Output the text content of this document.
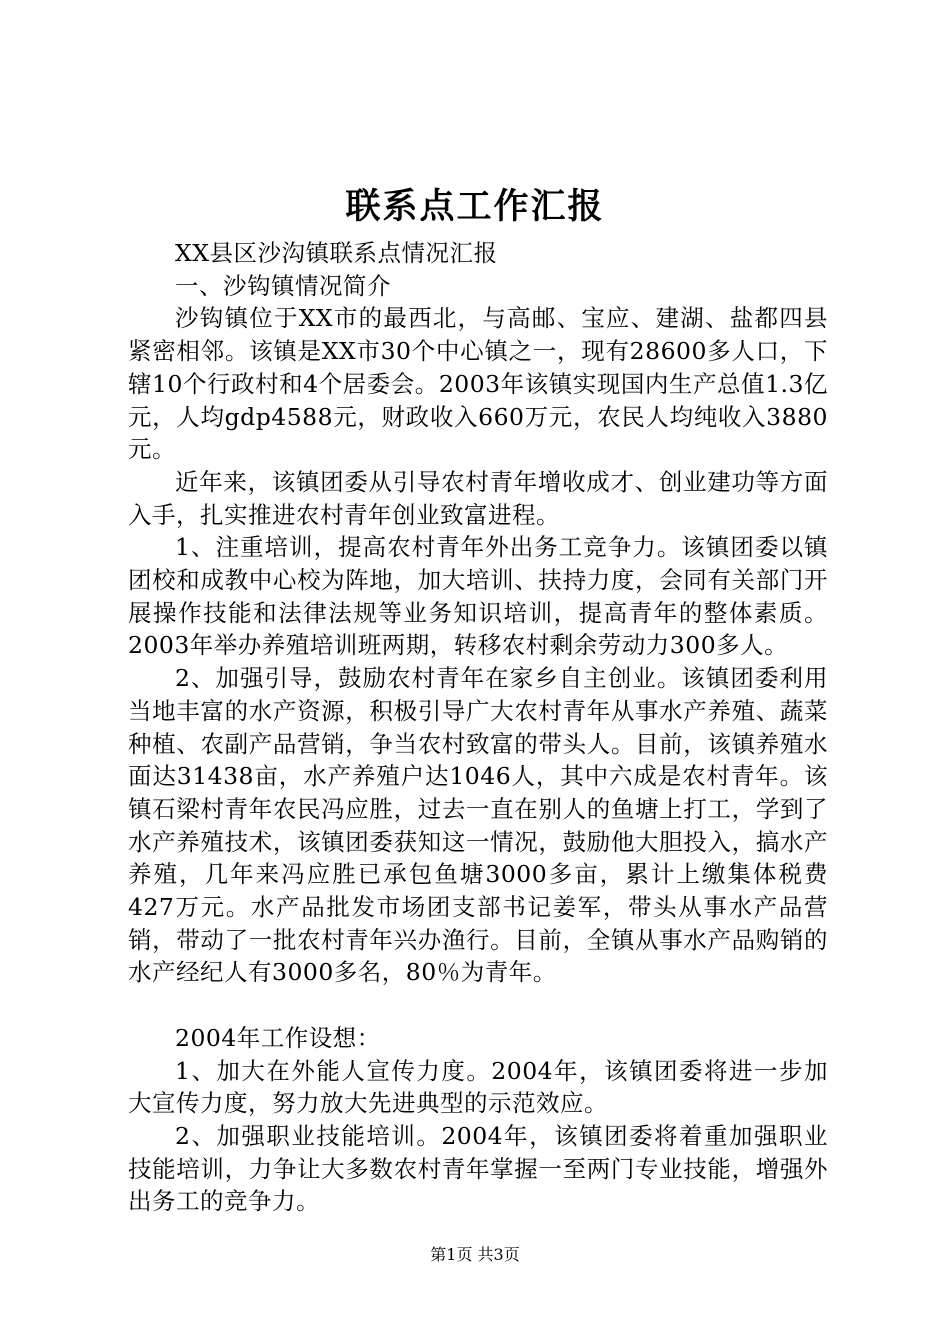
联系点工作汇报

XX县区沙沟镇联系点情况汇报

一、沙钩镇情况简介

沙钩镇位于XX市的最西北，与高邮、宝应、建湖、盐都四县紧密相邻。该镇是XX市30个中心镇之一，现有28600多人口，下辖10个行政村和4个居委会。2003年该镇实现国内生产总值1.3亿元，人均gdp4588元，财政收入660万元，农民人均纯收入3880元。

近年来，该镇团委从引导农村青年增收成才、创业建功等方面入手，扎实推进农村青年创业致富进程。

1、注重培训，提高农村青年外出务工竞争力。该镇团委以镇团校和成教中心校为阵地，加大培训、扶持力度，会同有关部门开展操作技能和法律法规等业务知识培训，提高青年的整体素质。2003年举办养殖培训班两期，转移农村剩余劳动力300多人。

2、加强引导，鼓励农村青年在家乡自主创业。该镇团委利用当地丰富的水产资源，积极引导广大农村青年从事水产养殖、蔬菜种植、农副产品营销，争当农村致富的带头人。目前，该镇养殖水面达31438亩，水产养殖户达1046人，其中六成是农村青年。该镇石梁村青年农民冯应胜，过去一直在别人的鱼塘上打工，学到了水产养殖技术，该镇团委获知这一情况，鼓励他大胆投入，搞水产养殖，几年来冯应胜已承包鱼塘3000多亩，累计上缴集体税费427万元。水产品批发市场团支部书记姜军，带头从事水产品营销，带动了一批农村青年兴办渔行。目前，全镇从事水产品购销的水产经纪人有3000多名，80％为青年。

2004年工作设想：

1、加大在外能人宣传力度。2004年，该镇团委将进一步加大宣传力度，努力放大先进典型的示范效应。

2、加强职业技能培训。2004年，该镇团委将着重加强职业技能培训，力争让大多数农村青年掌握一至两门专业技能，增强外出务工的竞争力。

第1页 共3页
